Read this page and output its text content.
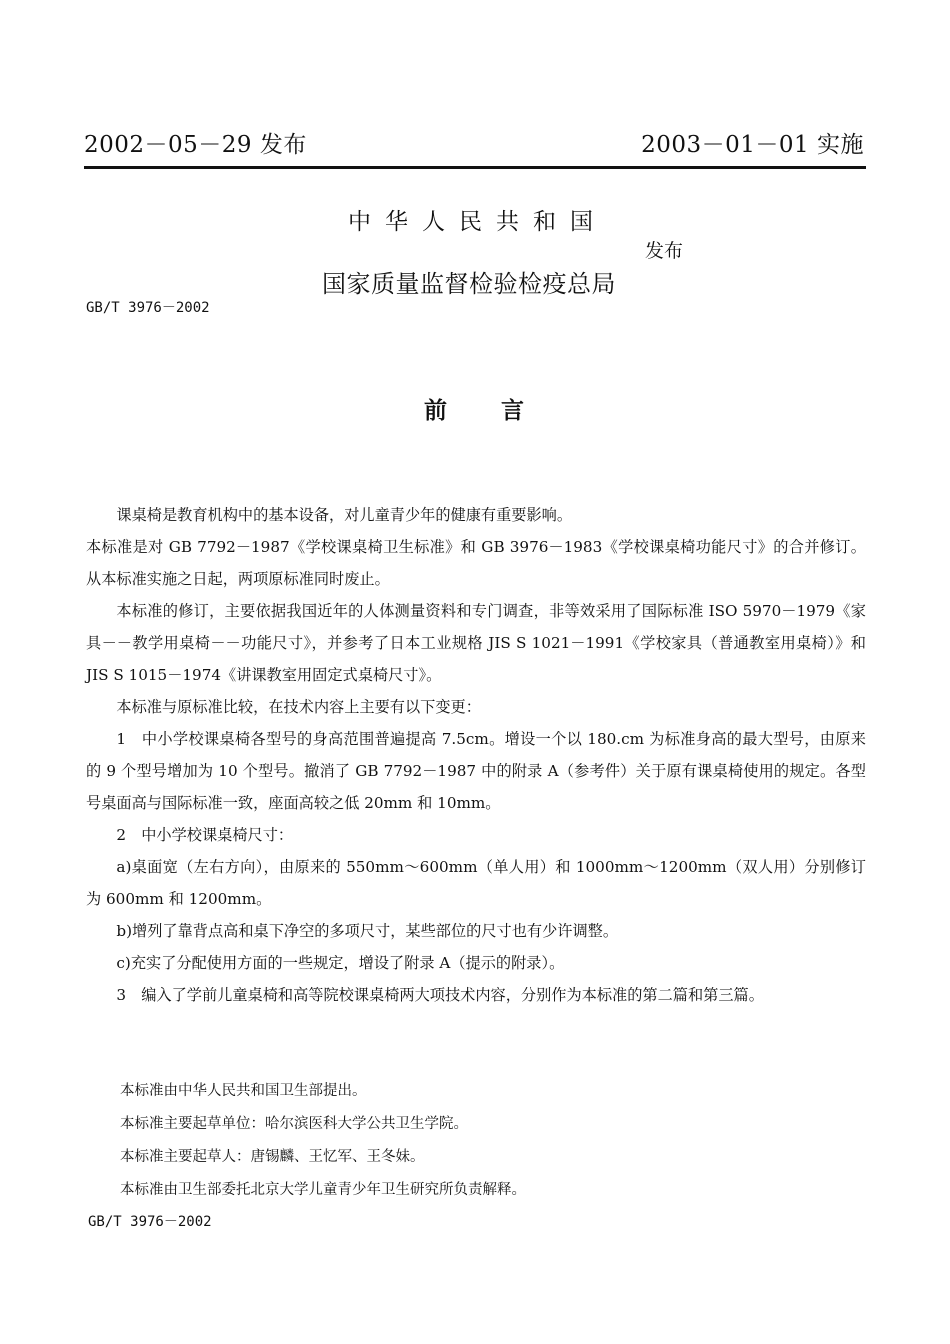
2002－05－29 发布	2003－01－01 实施
中华人民共和国
发布
国家质量监督检验检疫总局
GB/T 3976－2002
前言

课桌椅是教育机构中的基本设备，对儿童青少年的健康有重要影响。

本标准是对 GB 7792－1987《学校课桌椅卫生标准》和 GB 3976－1983《学校课桌椅功能尺寸》的合并修订。从本标准实施之日起，两项原标准同时废止。

本标准的修订，主要依据我国近年的人体测量资料和专门调查，非等效采用了国际标准 ISO 5970－1979《家具－－教学用桌椅－－功能尺寸》，并参考了日本工业规格 JIS S 1021－1991《学校家具（普通教室用桌椅）》和 JIS S 1015－1974《讲课教室用固定式桌椅尺寸》。

本标准与原标准比较，在技术内容上主要有以下变更：

1　中小学校课桌椅各型号的身高范围普遍提高 7.5cm。增设一个以 180.cm 为标准身高的最大型号，由原来的 9 个型号增加为 10 个型号。撤消了 GB 7792－1987 中的附录 A（参考件）关于原有课桌椅使用的规定。各型号桌面高与国际标准一致，座面高较之低 20mm 和 10mm。

2　中小学校课桌椅尺寸：

a)桌面宽（左右方向），由原来的 550mm～600mm（单人用）和 1000mm～1200mm（双人用）分别修订为 600mm 和 1200mm。

b)增列了靠背点高和桌下净空的多项尺寸，某些部位的尺寸也有少许调整。

c)充实了分配使用方面的一些规定，增设了附录 A（提示的附录）。

3　编入了学前儿童桌椅和高等院校课桌椅两大项技术内容，分别作为本标准的第二篇和第三篇。

本标准由中华人民共和国卫生部提出。

本标准主要起草单位：哈尔滨医科大学公共卫生学院。

本标准主要起草人：唐锡麟、王忆军、王冬妹。

本标准由卫生部委托北京大学儿童青少年卫生研究所负责解释。

GB/T 3976－2002
